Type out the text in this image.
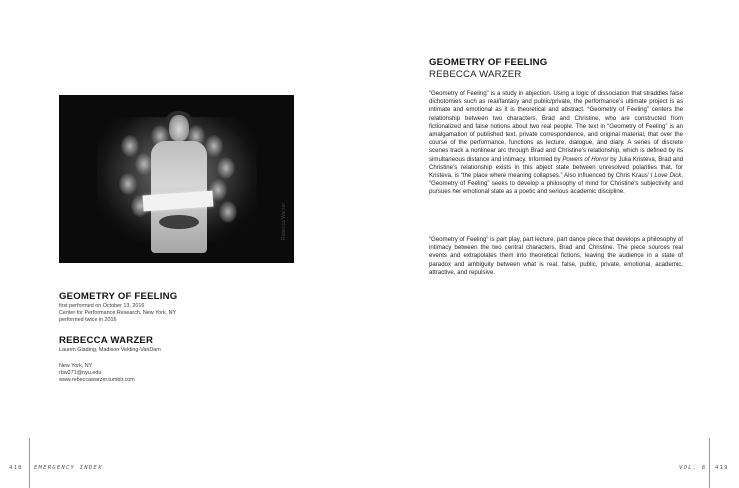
Rebecca Warzer
GEOMETRY OF FEELING
first performed on October 13, 2016
Center for Performance Research, New York, NY
performed twice in 2016
REBECCA WARZER
Lauren Glading, Madison Velding-VanDam
New York, NY
rbw271@nyu.edu
www.rebeccawarzer.tumblr.com
GEOMETRY OF FEELING
REBECCA WARZER

“Geometry of Feeling” is a study in abjection. Using a logic of dissociation that straddles false dichotomies such as real/fantasy and public/private, the performance’s ultimate project is as intimate and emotional as it is theoretical and abstract. “Geometry of Feeling” centers the relationship between two characters, Brad and Christine, who are constructed from fictionalized and false notions about two real people. The text in “Geometry of Feeling” is an amalgamation of published text, private correspondence, and original material, that over the course of the performance, functions as lecture, dialogue, and diary. A series of discrete scenes track a nonlinear arc through Brad and Christine’s relationship, which is defined by its simultaneous distance and intimacy. Informed by Powers of Horror by Julia Kristeva, Brad and Christine’s relationship exists in this abject state between unresolved polarities that, for Kristeva, is “the place where meaning collapses.” Also influenced by Chris Kraus’ I Love Dick, “Geometry of Feeling” seeks to develop a philosophy of mind for Christine’s subjectivity and pursues her emotional state as a poetic and serious academic discipline.

“Geometry of Feeling” is part play, part lecture, part dance piece that develops a philosophy of intimacy between the two central characters, Brad and Christine. The piece sources real events and extrapolates them into theoretical fictions, leaving the audience in a state of paradox and ambiguity between what is real, false, public, private, emotional, academic, attractive, and repulsive.

418 EMERGENCY INDEX	VOL. 6 419
